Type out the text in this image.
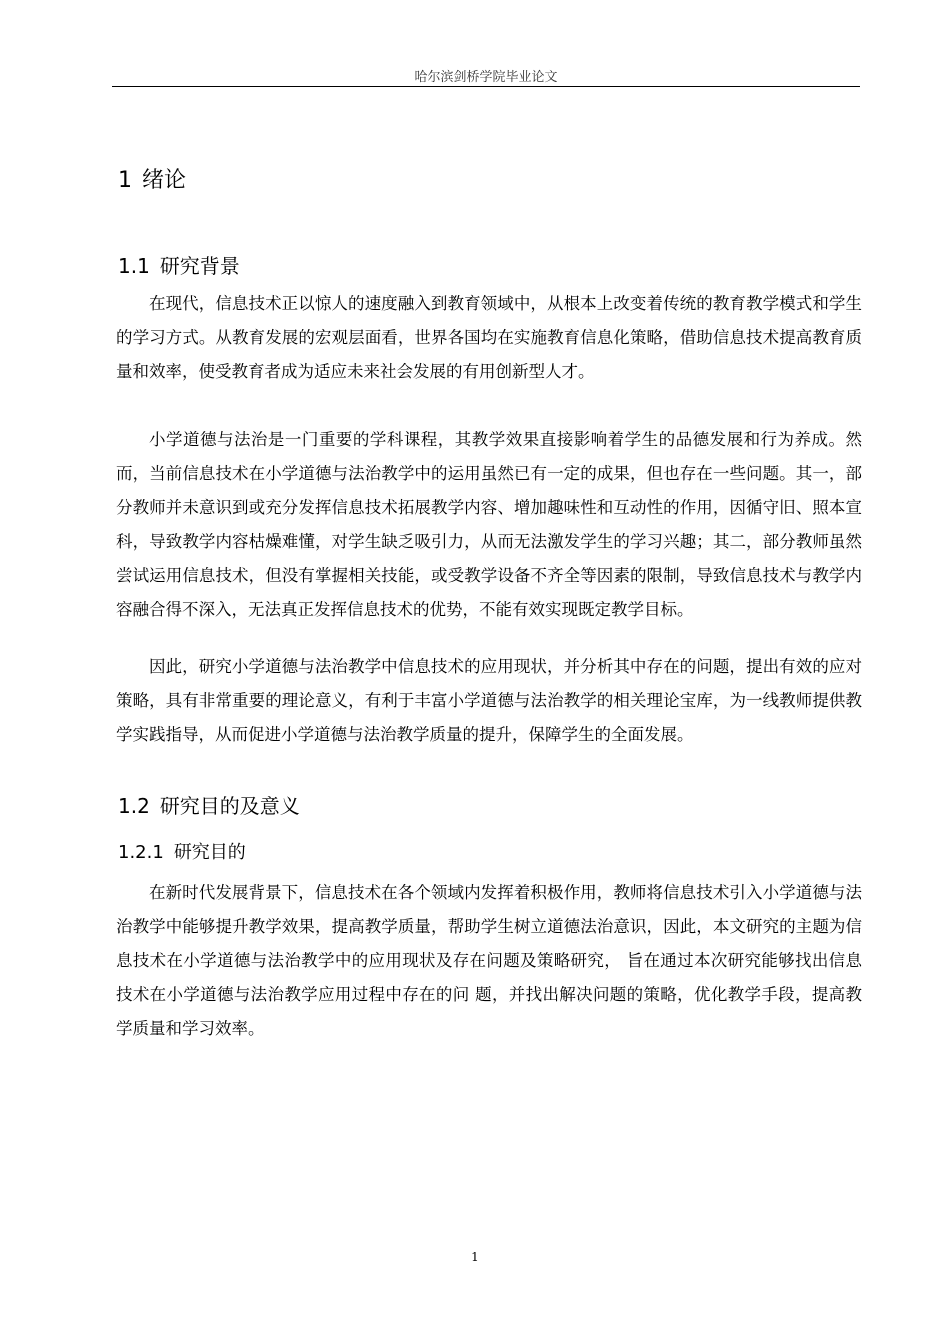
哈尔滨剑桥学院毕业论文
1 绪论
1.1 研究背景

在现代，信息技术正以惊人的速度融入到教育领域中，从根本上改变着传统的教育教学模式和学生的学习方式。从教育发展的宏观层面看，世界各国均在实施教育信息化策略，借助信息技术提高教育质量和效率，使受教育者成为适应未来社会发展的有用创新型人才。

小学道德与法治是一门重要的学科课程，其教学效果直接影响着学生的品德发展和行为养成。然而，当前信息技术在小学道德与法治教学中的运用虽然已有一定的成果，但也存在一些问题。其一，部分教师并未意识到或充分发挥信息技术拓展教学内容、增加趣味性和互动性的作用，因循守旧、照本宣科，导致教学内容枯燥难懂，对学生缺乏吸引力，从而无法激发学生的学习兴趣；其二，部分教师虽然尝试运用信息技术，但没有掌握相关技能，或受教学设备不齐全等因素的限制，导致信息技术与教学内容融合得不深入，无法真正发挥信息技术的优势，不能有效实现既定教学目标。

因此，研究小学道德与法治教学中信息技术的应用现状，并分析其中存在的问题，提出有效的应对策略，具有非常重要的理论意义，有利于丰富小学道德与法治教学的相关理论宝库，为一线教师提供教学实践指导，从而促进小学道德与法治教学质量的提升，保障学生的全面发展。

1.2 研究目的及意义
1.2.1 研究目的

在新时代发展背景下，信息技术在各个领域内发挥着积极作用，教师将信息技术引入小学道德与法治教学中能够提升教学效果，提高教学质量，帮助学生树立道德法治意识，因此，本文研究的主题为信息技术在小学道德与法治教学中的应用现状及存在问题及策略研究， 旨在通过本次研究能够找出信息技术在小学道德与法治教学应用过程中存在的问 题，并找出解决问题的策略，优化教学手段，提高教学质量和学习效率。

1
